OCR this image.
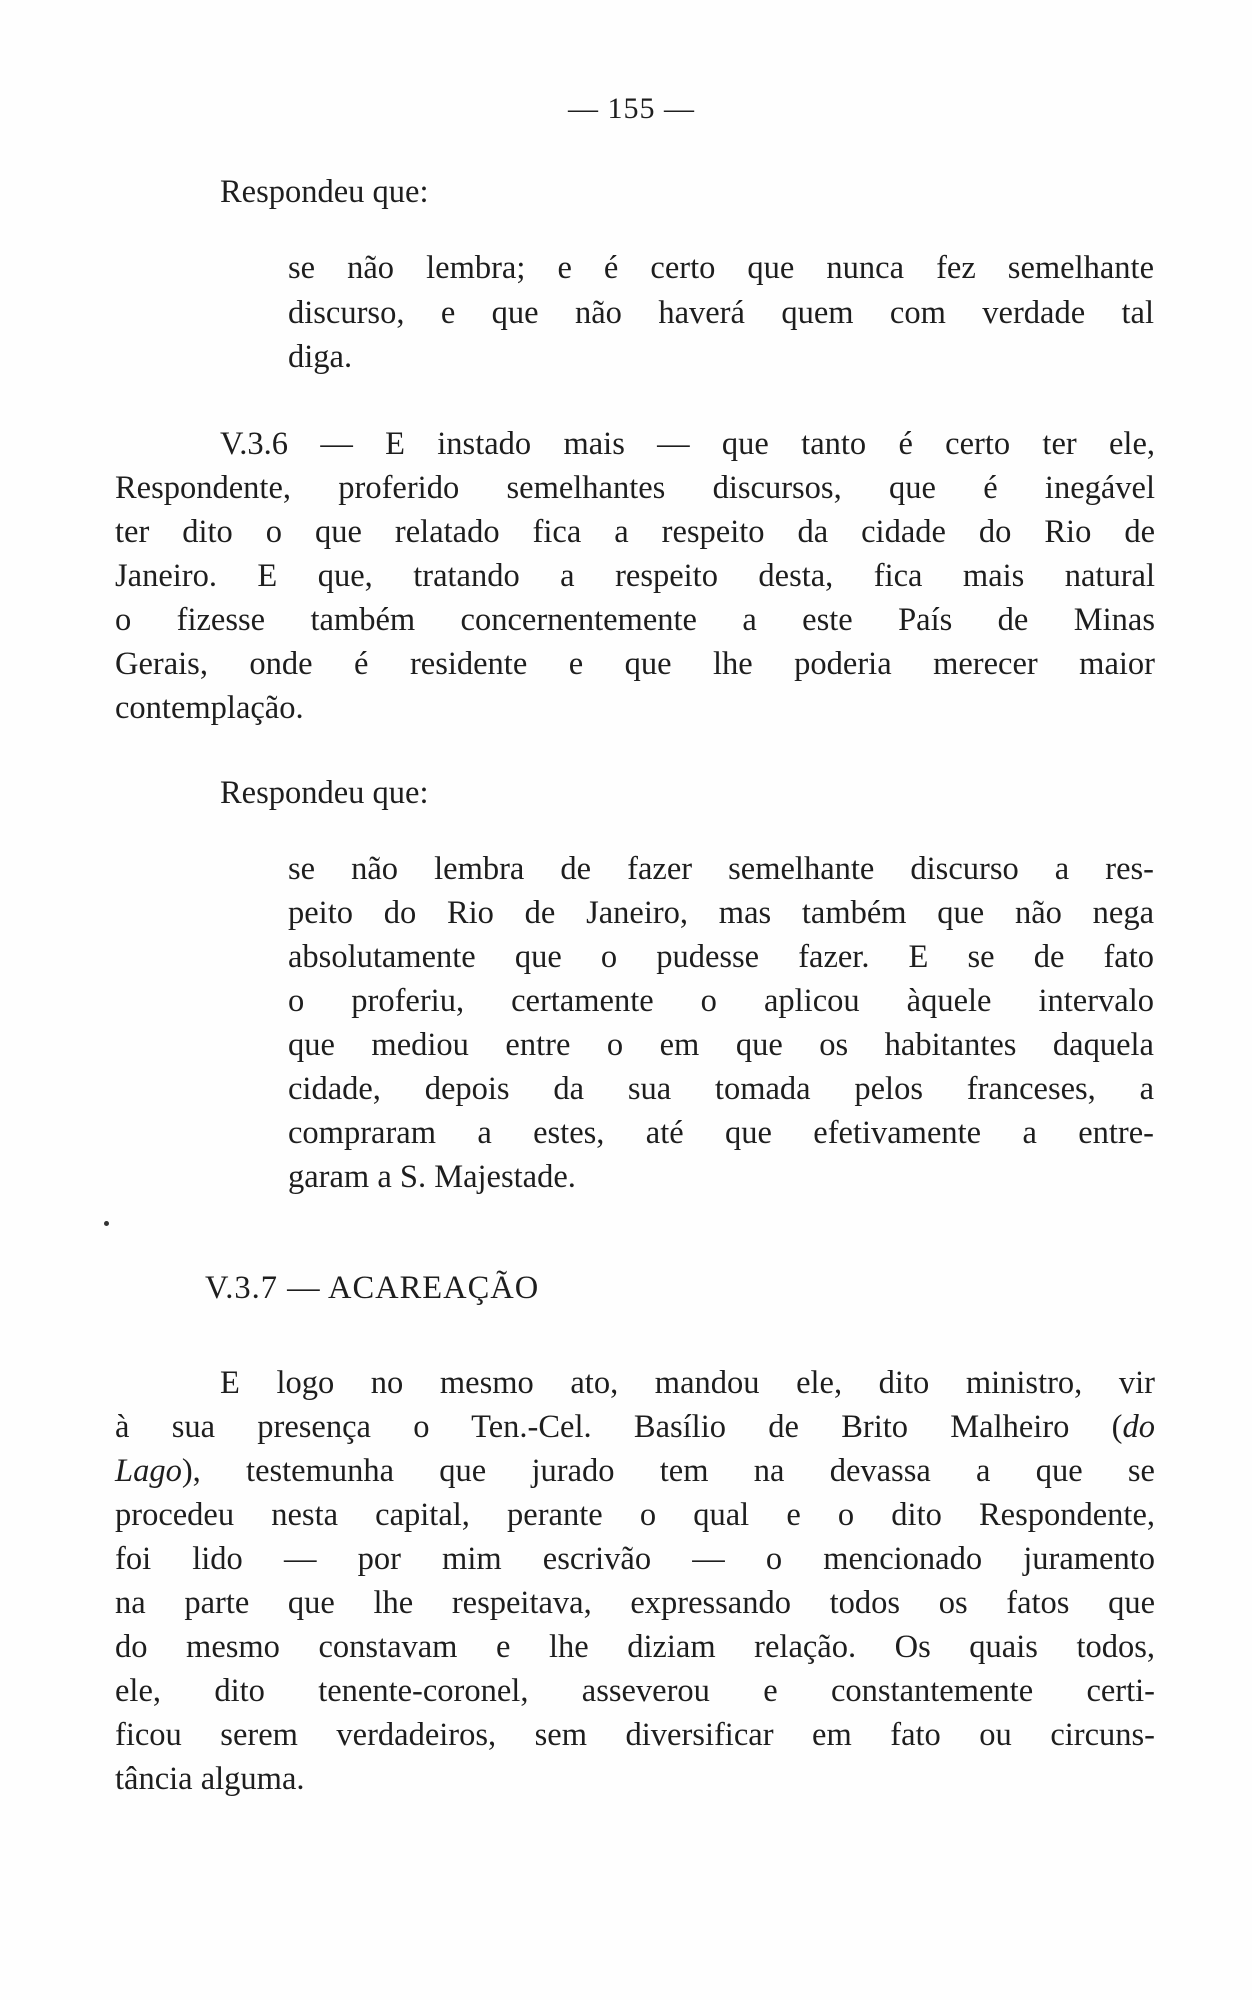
— 155 —
Respondeu que:
se não lembra; e é certo que nunca fez semelhante
discurso, e que não haverá quem com verdade tal
diga.
V.3.6 — E instado mais — que tanto é certo ter ele,
Respondente, proferido semelhantes discursos, que é inegável
ter dito o que relatado fica a respeito da cidade do Rio de
Janeiro. E que, tratando a respeito desta, fica mais natural
o fizesse também concernentemente a este País de Minas
Gerais, onde é residente e que lhe poderia merecer maior
contemplação.
Respondeu que:
se não lembra de fazer semelhante discurso a res-
peito do Rio de Janeiro, mas também que não nega
absolutamente que o pudesse fazer. E se de fato
o proferiu, certamente o aplicou àquele intervalo
que mediou entre o em que os habitantes daquela
cidade, depois da sua tomada pelos franceses, a
compraram a estes, até que efetivamente a entre-
garam a S. Majestade.
V.3.7 — ACAREAÇÃO
E logo no mesmo ato, mandou ele, dito ministro, vir
à sua presença o Ten.-Cel. Basílio de Brito Malheiro (do
Lago), testemunha que jurado tem na devassa a que se
procedeu nesta capital, perante o qual e o dito Respondente,
foi lido — por mim escrivão — o mencionado juramento
na parte que lhe respeitava, expressando todos os fatos que
do mesmo constavam e lhe diziam relação. Os quais todos,
ele, dito tenente-coronel, asseverou e constantemente certi-
ficou serem verdadeiros, sem diversificar em fato ou circuns-
tância alguma.
